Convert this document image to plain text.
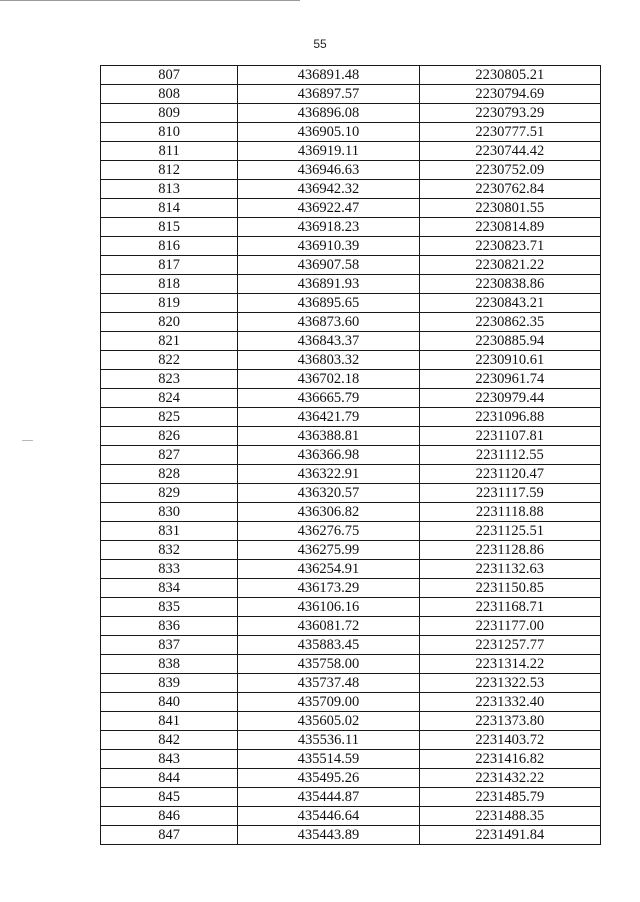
55
807	436891.48	2230805.21
808	436897.57	2230794.69
809	436896.08	2230793.29
810	436905.10	2230777.51
811	436919.11	2230744.42
812	436946.63	2230752.09
813	436942.32	2230762.84
814	436922.47	2230801.55
815	436918.23	2230814.89
816	436910.39	2230823.71
817	436907.58	2230821.22
818	436891.93	2230838.86
819	436895.65	2230843.21
820	436873.60	2230862.35
821	436843.37	2230885.94
822	436803.32	2230910.61
823	436702.18	2230961.74
824	436665.79	2230979.44
825	436421.79	2231096.88
826	436388.81	2231107.81
827	436366.98	2231112.55
828	436322.91	2231120.47
829	436320.57	2231117.59
830	436306.82	2231118.88
831	436276.75	2231125.51
832	436275.99	2231128.86
833	436254.91	2231132.63
834	436173.29	2231150.85
835	436106.16	2231168.71
836	436081.72	2231177.00
837	435883.45	2231257.77
838	435758.00	2231314.22
839	435737.48	2231322.53
840	435709.00	2231332.40
841	435605.02	2231373.80
842	435536.11	2231403.72
843	435514.59	2231416.82
844	435495.26	2231432.22
845	435444.87	2231485.79
846	435446.64	2231488.35
847	435443.89	2231491.84
